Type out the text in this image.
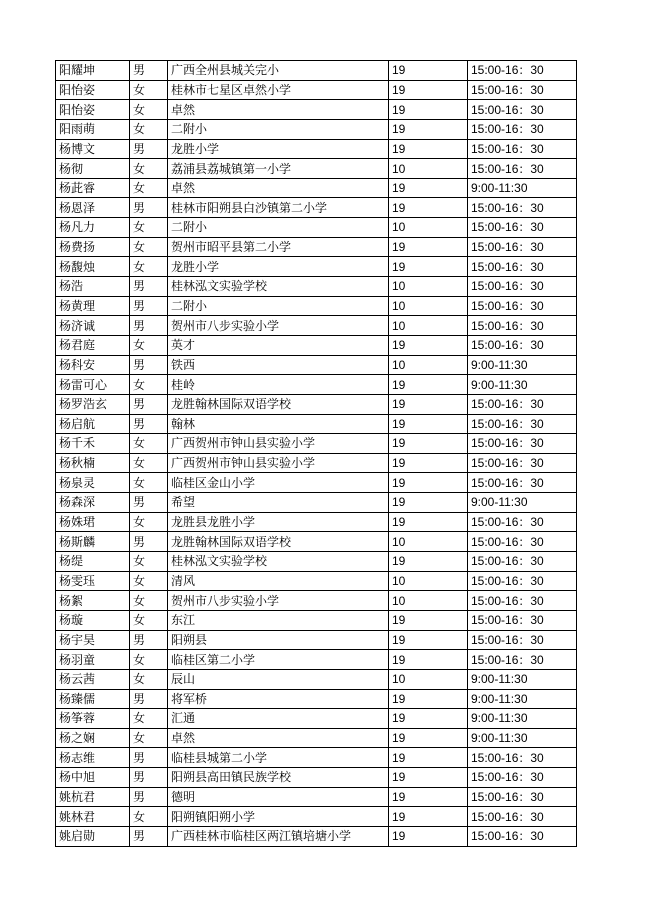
阳耀坤	男	广西全州县城关完小	19	15:00-16：30
阳怡姿	女	桂林市七星区卓然小学	19	15:00-16：30
阳怡姿	女	卓然	19	15:00-16：30
阳雨萌	女	二附小	19	15:00-16：30
杨博文	男	龙胜小学	19	15:00-16：30
杨彻	女	荔浦县荔城镇第一小学	10	15:00-16：30
杨茈睿	女	卓然	19	9:00-11:30
杨恩泽	男	桂林市阳朔县白沙镇第二小学	19	15:00-16：30
杨凡力	女	二附小	10	15:00-16：30
杨费扬	女	贺州市昭平县第二小学	19	15:00-16：30
杨馥烛	女	龙胜小学	19	15:00-16：30
杨浩	男	桂林泓文实验学校	10	15:00-16：30
杨黄理	男	二附小	10	15:00-16：30
杨济诚	男	贺州市八步实验小学	10	15:00-16：30
杨君庭	女	英才	19	15:00-16：30
杨科安	男	铁西	10	9:00-11:30
杨雷可心	女	桂岭	19	9:00-11:30
杨罗浩玄	男	龙胜翰林国际双语学校	19	15:00-16：30
杨启航	男	翰林	19	15:00-16：30
杨千禾	女	广西贺州市钟山县实验小学	19	15:00-16：30
杨秋楠	女	广西贺州市钟山县实验小学	19	15:00-16：30
杨泉灵	女	临桂区金山小学	19	15:00-16：30
杨森深	男	希望	19	9:00-11:30
杨姝珺	女	龙胜县龙胜小学	19	15:00-16：30
杨斯麟	男	龙胜翰林国际双语学校	10	15:00-16：30
杨缇	女	桂林泓文实验学校	19	15:00-16：30
杨雯珏	女	清风	10	15:00-16：30
杨絮	女	贺州市八步实验小学	10	15:00-16：30
杨璇	女	东江	19	15:00-16：30
杨宇昊	男	阳朔县	19	15:00-16：30
杨羽童	女	临桂区第二小学	19	15:00-16：30
杨云茜	女	辰山	10	9:00-11:30
杨臻儒	男	将军桥	19	9:00-11:30
杨筝蓉	女	汇通	19	9:00-11:30
杨之娴	女	卓然	19	9:00-11:30
杨志维	男	临桂县城第二小学	19	15:00-16：30
杨中旭	男	阳朔县高田镇民族学校	19	15:00-16：30
姚杭君	男	德明	19	15:00-16：30
姚林君	女	阳朔镇阳朔小学	19	15:00-16：30
姚启勋	男	广西桂林市临桂区两江镇培塘小学	19	15:00-16：30
